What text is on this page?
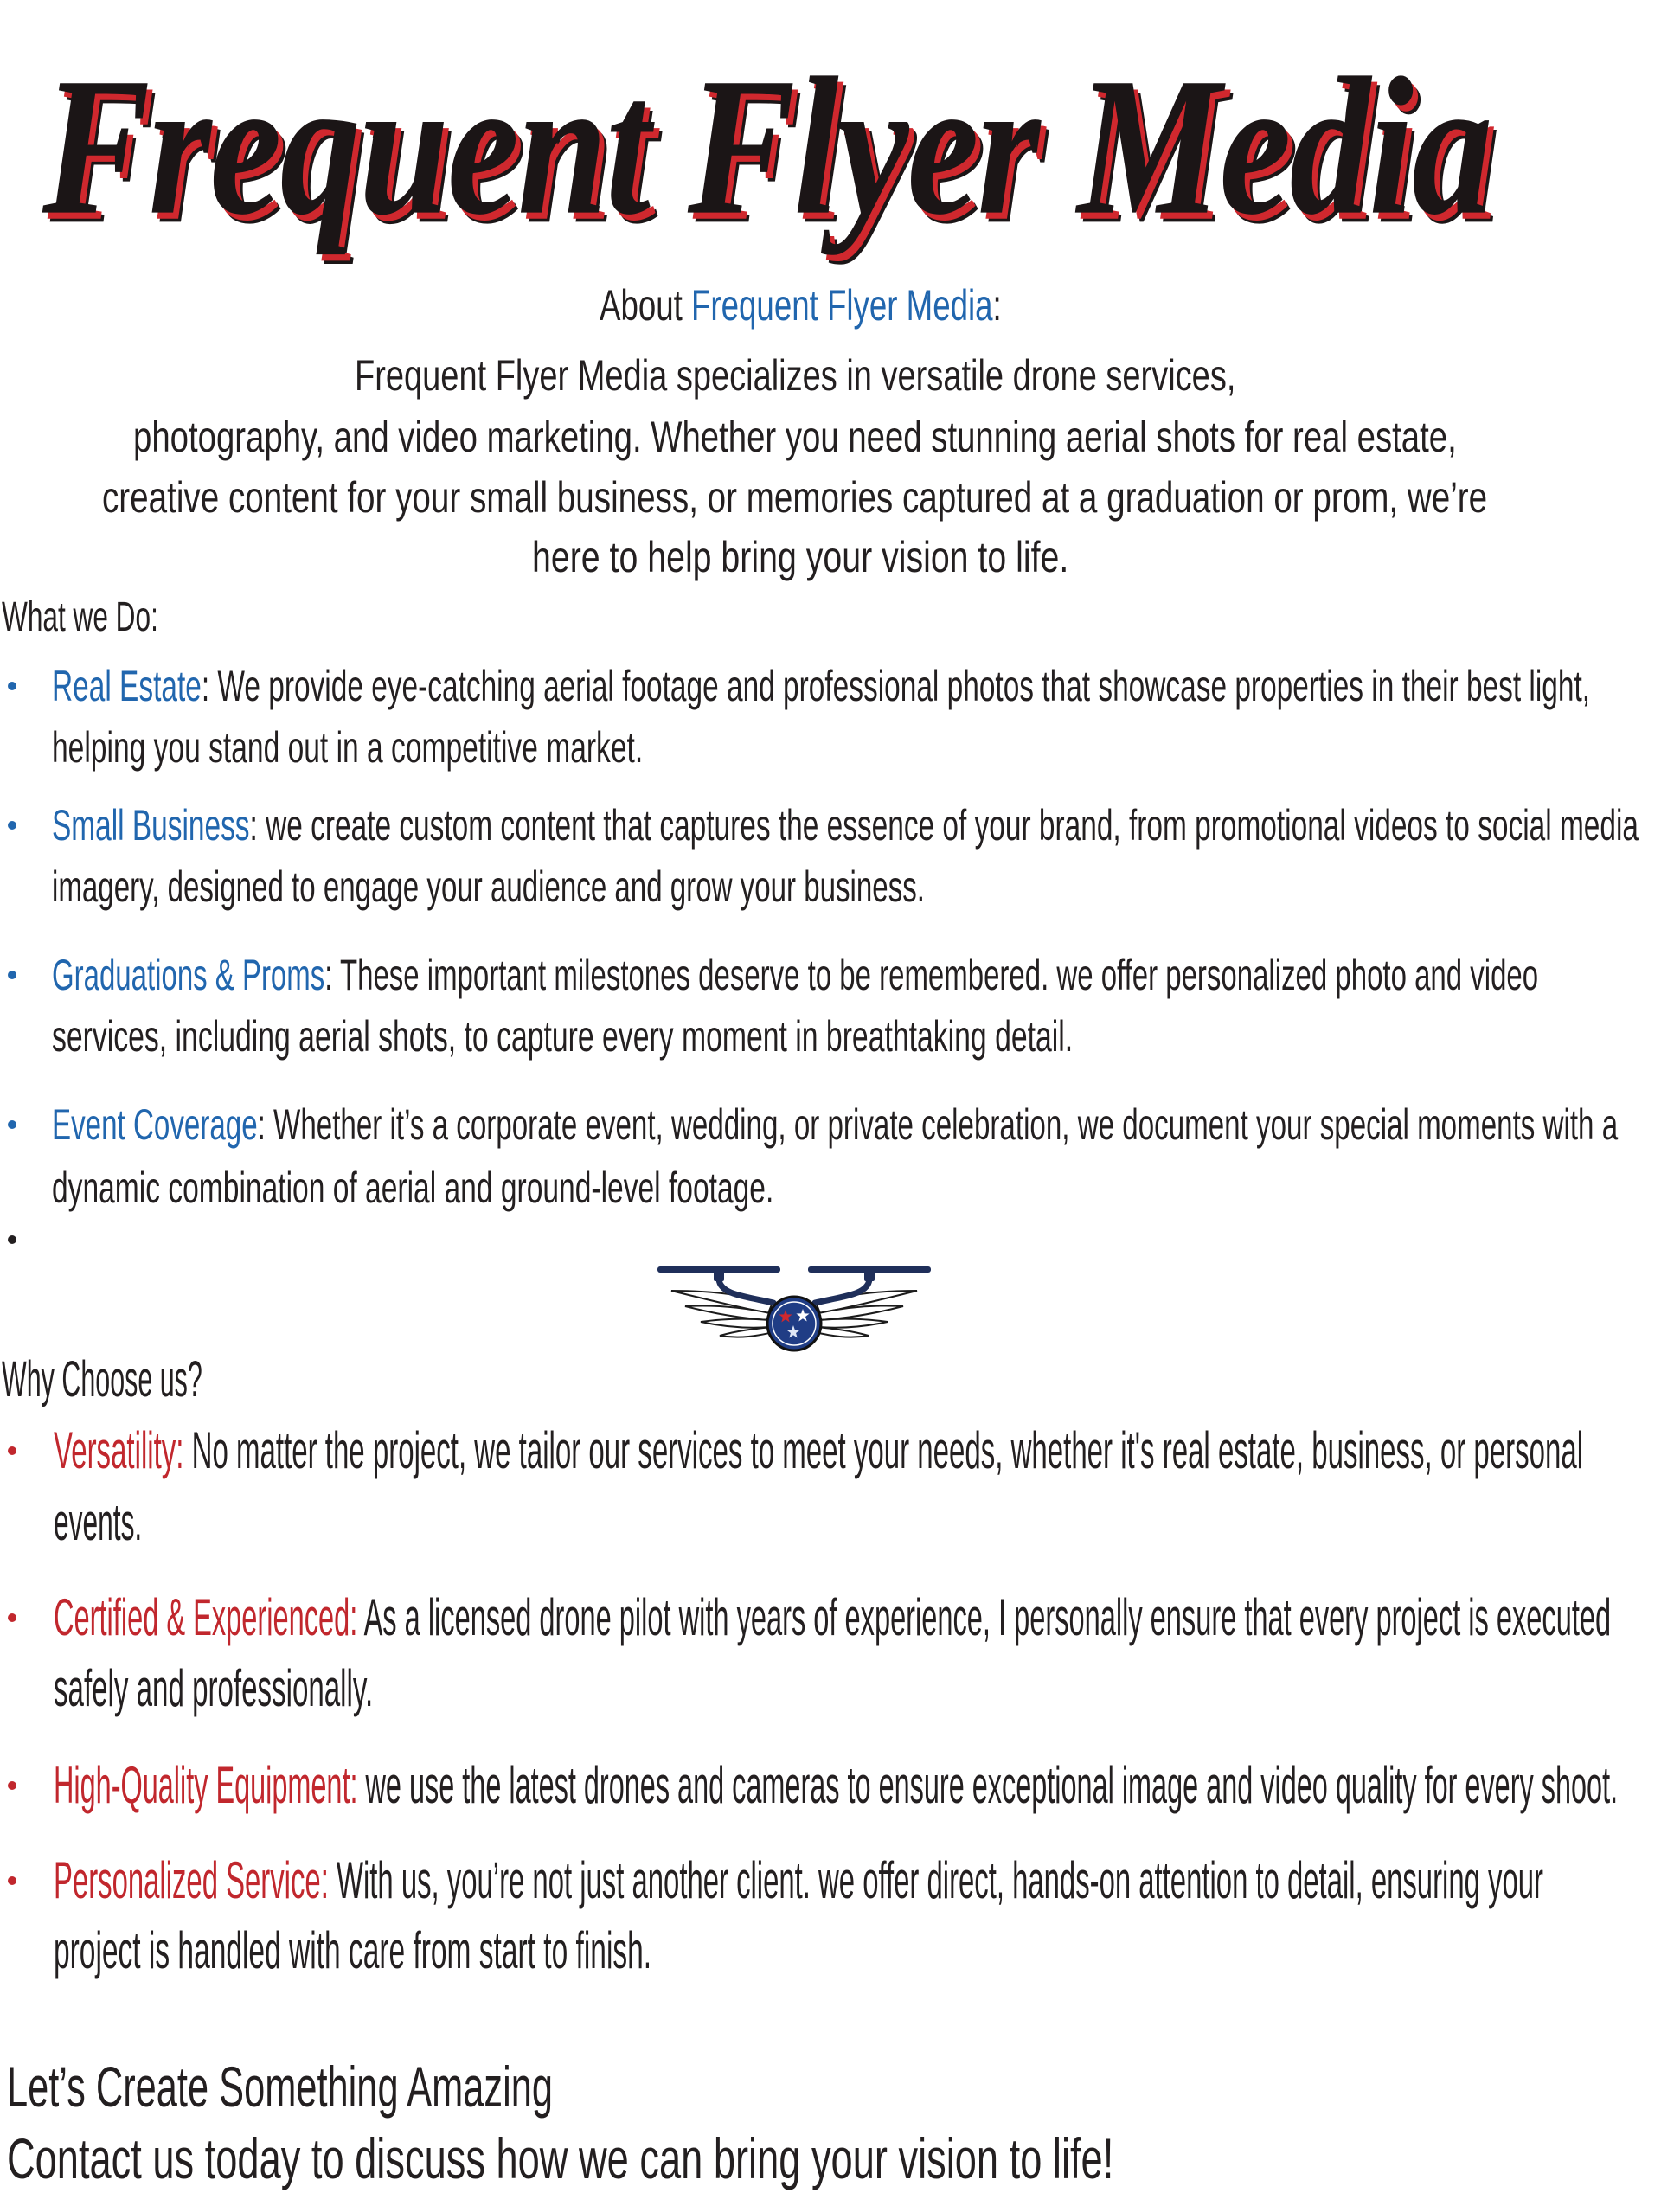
Frequent Flyer Media
About Frequent Flyer Media:
Frequent Flyer Media specializes in versatile drone services,
photography, and video marketing. Whether you need stunning aerial shots for real estate,
creative content for your small business, or memories captured at a graduation or prom, we’re
here to help bring your vision to life.
What we Do:
Real Estate: We provide eye-catching aerial footage and professional photos that showcase properties in their best light,
helping you stand out in a competitive market.
Small Business: we create custom content that captures the essence of your brand, from promotional videos to social media
imagery, designed to engage your audience and grow your business.
Graduations & Proms: These important milestones deserve to be remembered. we offer personalized photo and video
services, including aerial shots, to capture every moment in breathtaking detail.
Event Coverage: Whether it’s a corporate event, wedding, or private celebration, we document your special moments with a
dynamic combination of aerial and ground-level footage.
Why Choose us?
Versatility: No matter the project, we tailor our services to meet your needs, whether it's real estate, business, or personal
events.
Certified & Experienced: As a licensed drone pilot with years of experience, I personally ensure that every project is executed
safely and professionally.
High-Quality Equipment: we use the latest drones and cameras to ensure exceptional image and video quality for every shoot.
Personalized Service: With us, you’re not just another client. we offer direct, hands-on attention to detail, ensuring your
project is handled with care from start to finish.
Let’s Create Something Amazing
Contact us today to discuss how we can bring your vision to life!
